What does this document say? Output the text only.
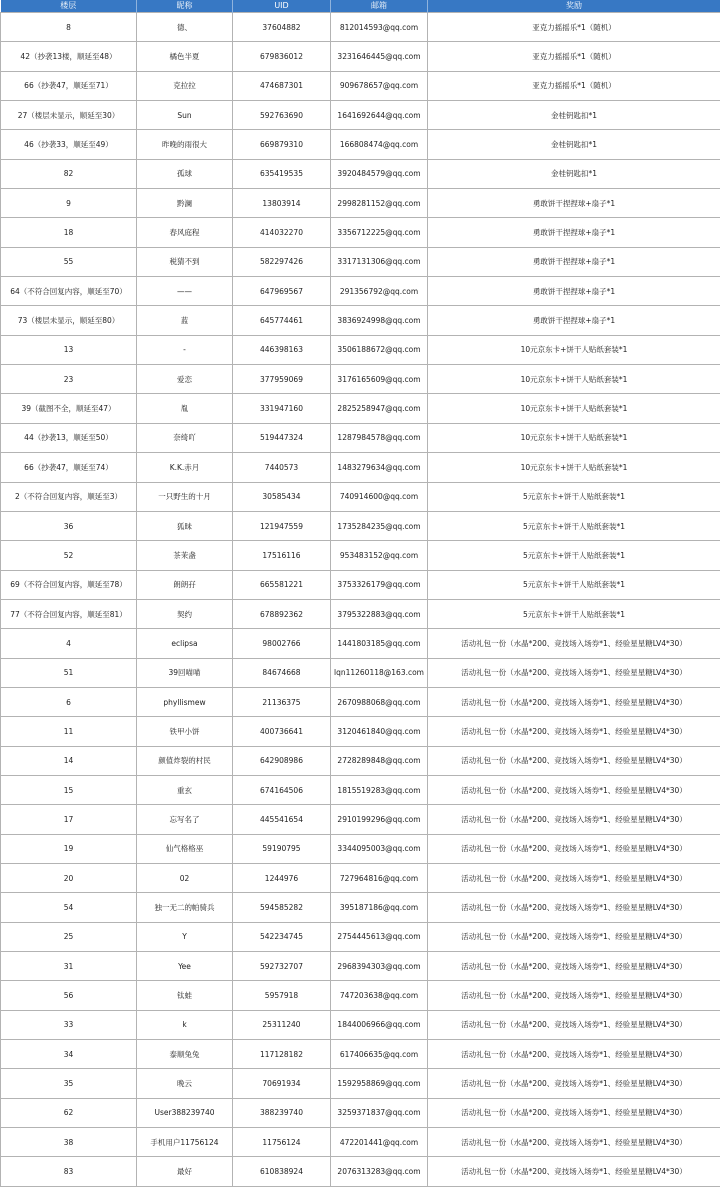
楼层	昵称	UID	邮箱	奖励
8	德、	37604882	812014593@qq.com	亚克力摇摇乐*1（随机）
42（抄袭13楼，顺延至48）	橘色半夏	679836012	3231646445@qq.com	亚克力摇摇乐*1（随机）
66（抄袭47，顺延至71）	克拉拉	474687301	909678657@qq.com	亚克力摇摇乐*1（随机）
27（楼层未显示，顺延至30）	Sun	592763690	1641692644@qq.com	金桂钥匙扣*1
46（抄袭33，顺延至49）	昨晚的雨很大	669879310	166808474@qq.com	金桂钥匙扣*1
82	孤球	635419535	3920484579@qq.com	金桂钥匙扣*1
9	黔澜	13803914	2998281152@qq.com	勇敢饼干捏捏球+扇子*1
18	春风庭程	414032270	3356712225@qq.com	勇敢饼干捏捏球+扇子*1
55	税猜不到	582297426	3317131306@qq.com	勇敢饼干捏捏球+扇子*1
64（不符合回复内容，顺延至70）	——	647969567	291356792@qq.com	勇敢饼干捏捏球+扇子*1
73（楼层未显示，顺延至80）	蓝	645774461	3836924998@qq.com	勇敢饼干捏捏球+扇子*1
13	-	446398163	3506188672@qq.com	10元京东卡+饼干人贴纸套装*1
23	爱恋	377959069	3176165609@qq.com	10元京东卡+饼干人贴纸套装*1
39（截图不全，顺延至47）	胤	331947160	2825258947@qq.com	10元京东卡+饼干人贴纸套装*1
44（抄袭13，顺延至50）	奈绮吖	519447324	1287984578@qq.com	10元京东卡+饼干人贴纸套装*1
66（抄袭47，顺延至74）	K.K.赤月	7440573	1483279634@qq.com	10元京东卡+饼干人贴纸套装*1
2（不符合回复内容，顺延至3）	一只野生的十月	30585434	740914600@qq.com	5元京东卡+饼干人贴纸套装*1
36	狐昧	121947559	1735284235@qq.com	5元京东卡+饼干人贴纸套装*1
52	茶茉盏	17516116	953483152@qq.com	5元京东卡+饼干人贴纸套装*1
69（不符合回复内容，顺延至78）	朗朗孖	665581221	3753326179@qq.com	5元京东卡+饼干人贴纸套装*1
77（不符合回复内容，顺延至81）	契约	678892362	3795322883@qq.com	5元京东卡+饼干人贴纸套装*1
4	eclipsa	98002766	1441803185@qq.com	活动礼包一份（水晶*200、竞技场入场券*1、经验星星糖LV4*30）
51	39回喵喵	84674668	lqn11260118@163.com	活动礼包一份（水晶*200、竞技场入场券*1、经验星星糖LV4*30）
6	phyllismew	21136375	2670988068@qq.com	活动礼包一份（水晶*200、竞技场入场券*1、经验星星糖LV4*30）
11	铁甲小饼	400736641	3120461840@qq.com	活动礼包一份（水晶*200、竞技场入场券*1、经验星星糖LV4*30）
14	颜值炸裂的村民	642908986	2728289848@qq.com	活动礼包一份（水晶*200、竞技场入场券*1、经验星星糖LV4*30）
15	重玄	674164506	1815519283@qq.com	活动礼包一份（水晶*200、竞技场入场券*1、经验星星糖LV4*30）
17	忘写名了	445541654	2910199296@qq.com	活动礼包一份（水晶*200、竞技场入场券*1、经验星星糖LV4*30）
19	仙气格格巫	59190795	3344095003@qq.com	活动礼包一份（水晶*200、竞技场入场券*1、经验星星糖LV4*30）
20	02	1244976	727964816@qq.com	活动礼包一份（水晶*200、竞技场入场券*1、经验星星糖LV4*30）
54	独一无二的帕骑兵	594585282	395187186@qq.com	活动礼包一份（水晶*200、竞技场入场券*1、经验星星糖LV4*30）
25	Y	542234745	2754445613@qq.com	活动礼包一份（水晶*200、竞技场入场券*1、经验星星糖LV4*30）
31	Yee	592732707	2968394303@qq.com	活动礼包一份（水晶*200、竞技场入场券*1、经验星星糖LV4*30）
56	钛蛙	5957918	747203638@qq.com	活动礼包一份（水晶*200、竞技场入场券*1、经验星星糖LV4*30）
33	k	25311240	1844006966@qq.com	活动礼包一份（水晶*200、竞技场入场券*1、经验星星糖LV4*30）
34	泰顺兔兔	117128182	617406635@qq.com	活动礼包一份（水晶*200、竞技场入场券*1、经验星星糖LV4*30）
35	晚云	70691934	1592958869@qq.com	活动礼包一份（水晶*200、竞技场入场券*1、经验星星糖LV4*30）
62	User388239740	388239740	3259371837@qq.com	活动礼包一份（水晶*200、竞技场入场券*1、经验星星糖LV4*30）
38	手机用户11756124	11756124	472201441@qq.com	活动礼包一份（水晶*200、竞技场入场券*1、经验星星糖LV4*30）
83	最好	610838924	2076313283@qq.com	活动礼包一份（水晶*200、竞技场入场券*1、经验星星糖LV4*30）
